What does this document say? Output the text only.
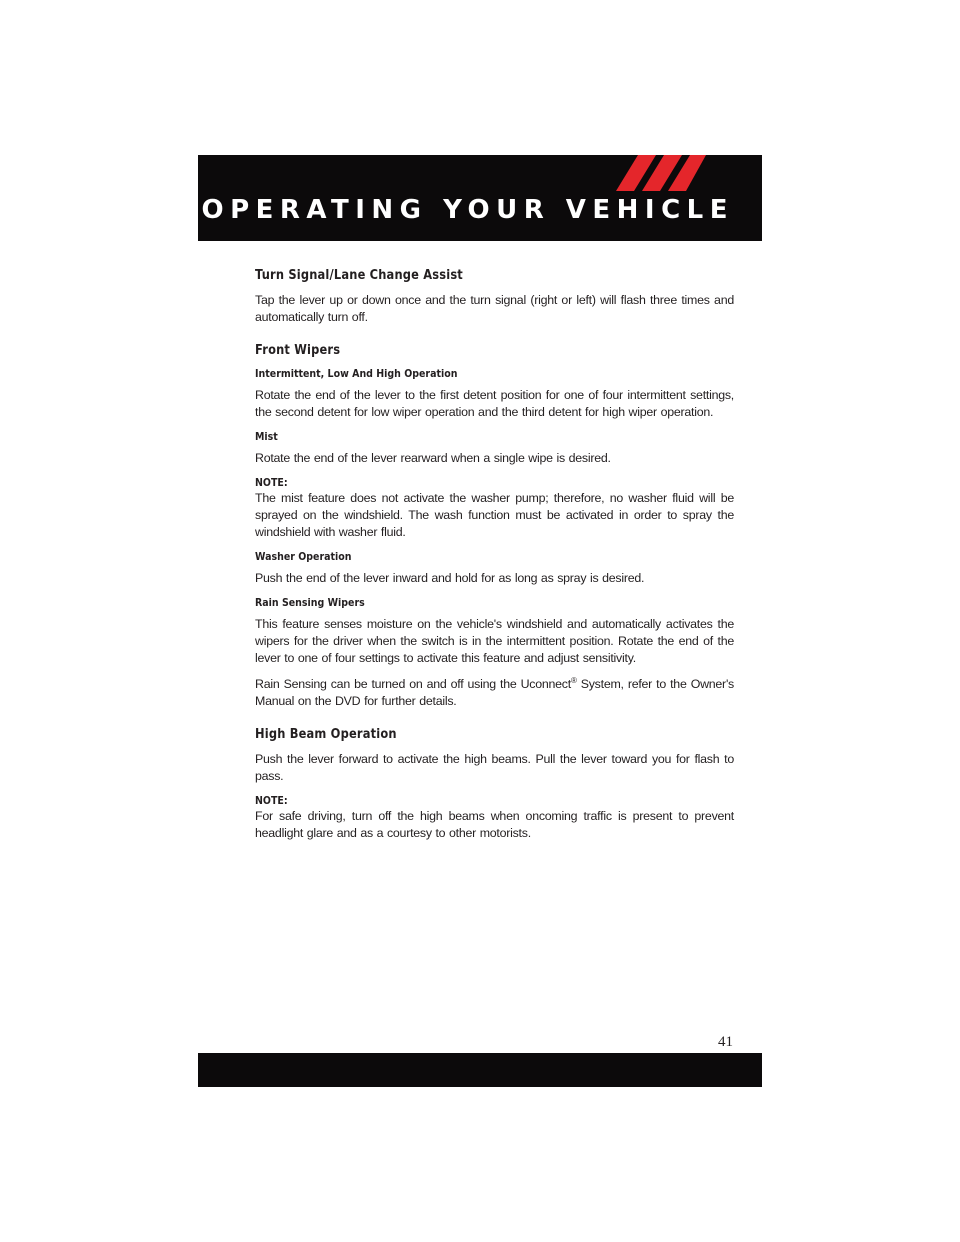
OPERATING YOUR VEHICLE
Turn Signal/Lane Change Assist
Tap the lever up or down once and the turn signal (right or left) will flash three times and automatically turn off.
Front Wipers
Intermittent, Low And High Operation
Rotate the end of the lever to the first detent position for one of four intermittent settings, the second detent for low wiper operation and the third detent for high wiper operation.
Mist
Rotate the end of the lever rearward when a single wipe is desired.
NOTE:
The mist feature does not activate the washer pump; therefore, no washer fluid will be sprayed on the windshield. The wash function must be activated in order to spray the windshield with washer fluid.
Washer Operation
Push the end of the lever inward and hold for as long as spray is desired.
Rain Sensing Wipers
This feature senses moisture on the vehicle's windshield and automatically activates the wipers for the driver when the switch is in the intermittent position. Rotate the end of the lever to one of four settings to activate this feature and adjust sensitivity.
Rain Sensing can be turned on and off using the Uconnect® System, refer to the Owner's Manual on the DVD for further details.
High Beam Operation
Push the lever forward to activate the high beams. Pull the lever toward you for flash to pass.
NOTE:
For safe driving, turn off the high beams when oncoming traffic is present to prevent headlight glare and as a courtesy to other motorists.
41
